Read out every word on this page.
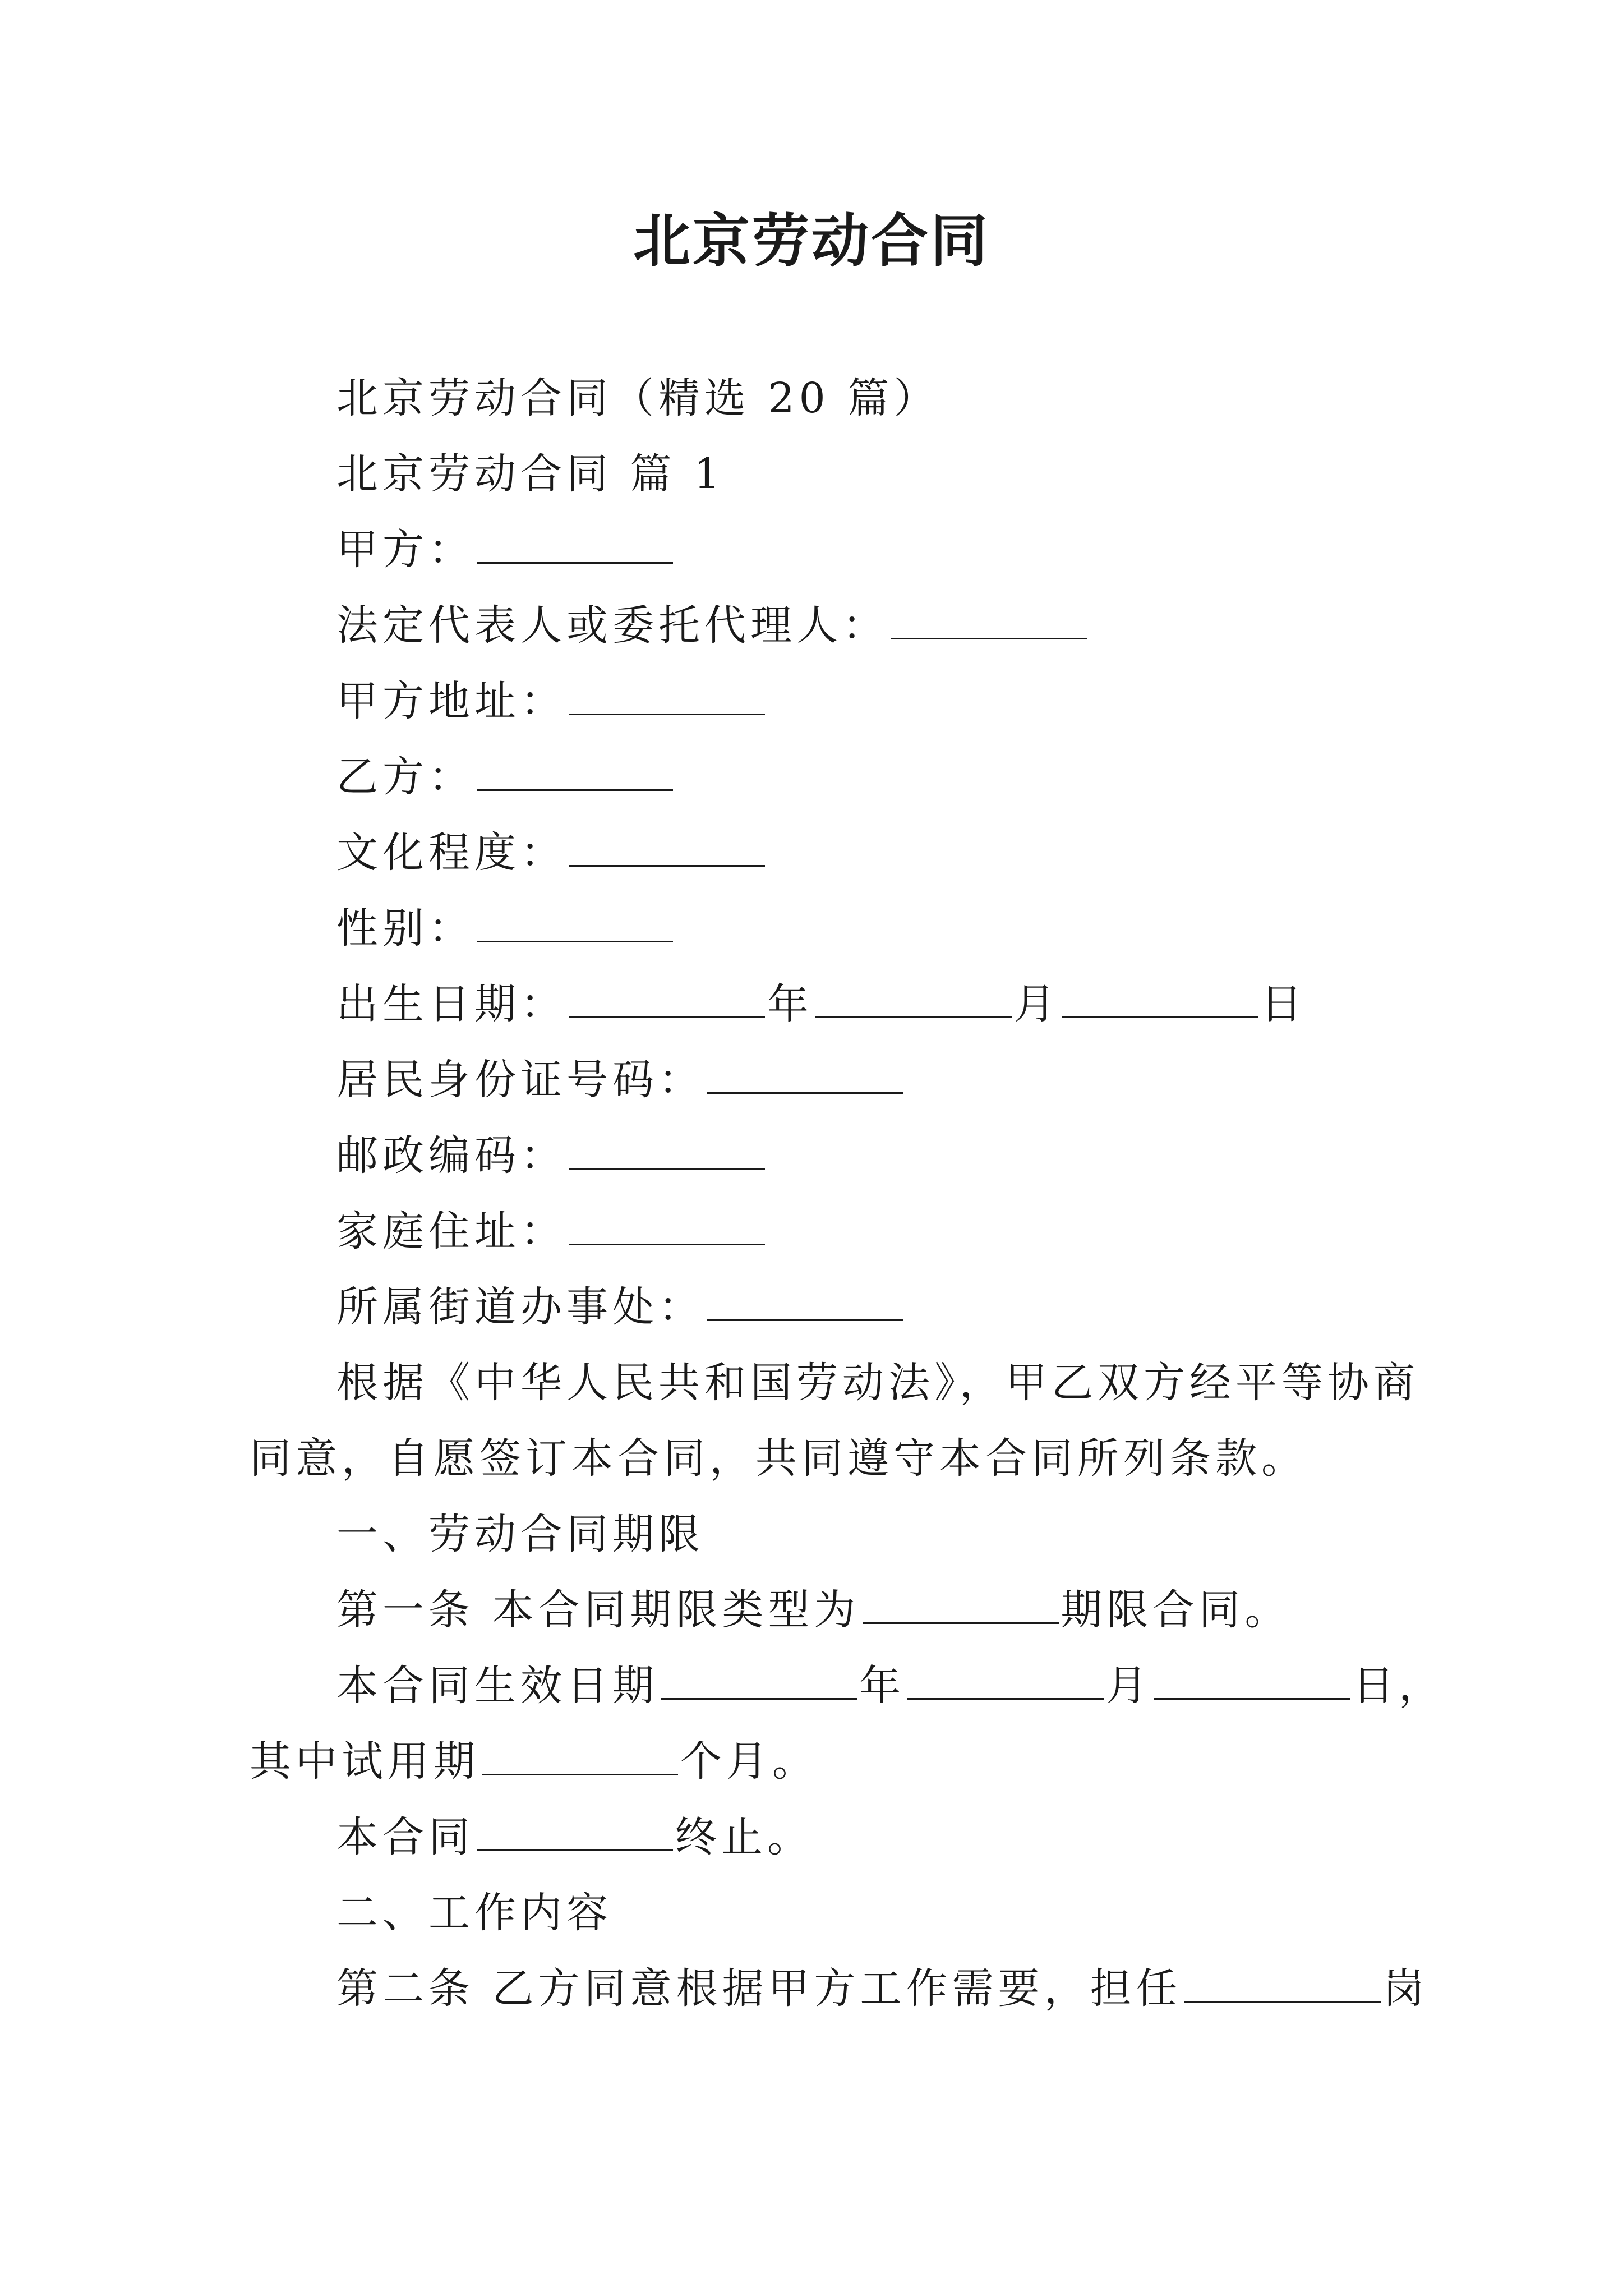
北京劳动合同
北京劳动合同（精选 20 篇）
北京劳动合同 篇 1
甲方：
法定代表人或委托代理人：
甲方地址：
乙方：
文化程度：
性别：
出生日期：	年	月	日
居民身份证号码：
邮政编码：
家庭住址：
所属街道办事处：
根据《中华人民共和国劳动法》，甲乙双方经平等协商
同意，自愿签订本合同，共同遵守本合同所列条款。
一、劳动合同期限
第一条 本合同期限类型为	期限合同。
本合同生效日期	年	月	日，
其中试用期	个月。
本合同	终止。
二、工作内容
第二条 乙方同意根据甲方工作需要，担任	岗
